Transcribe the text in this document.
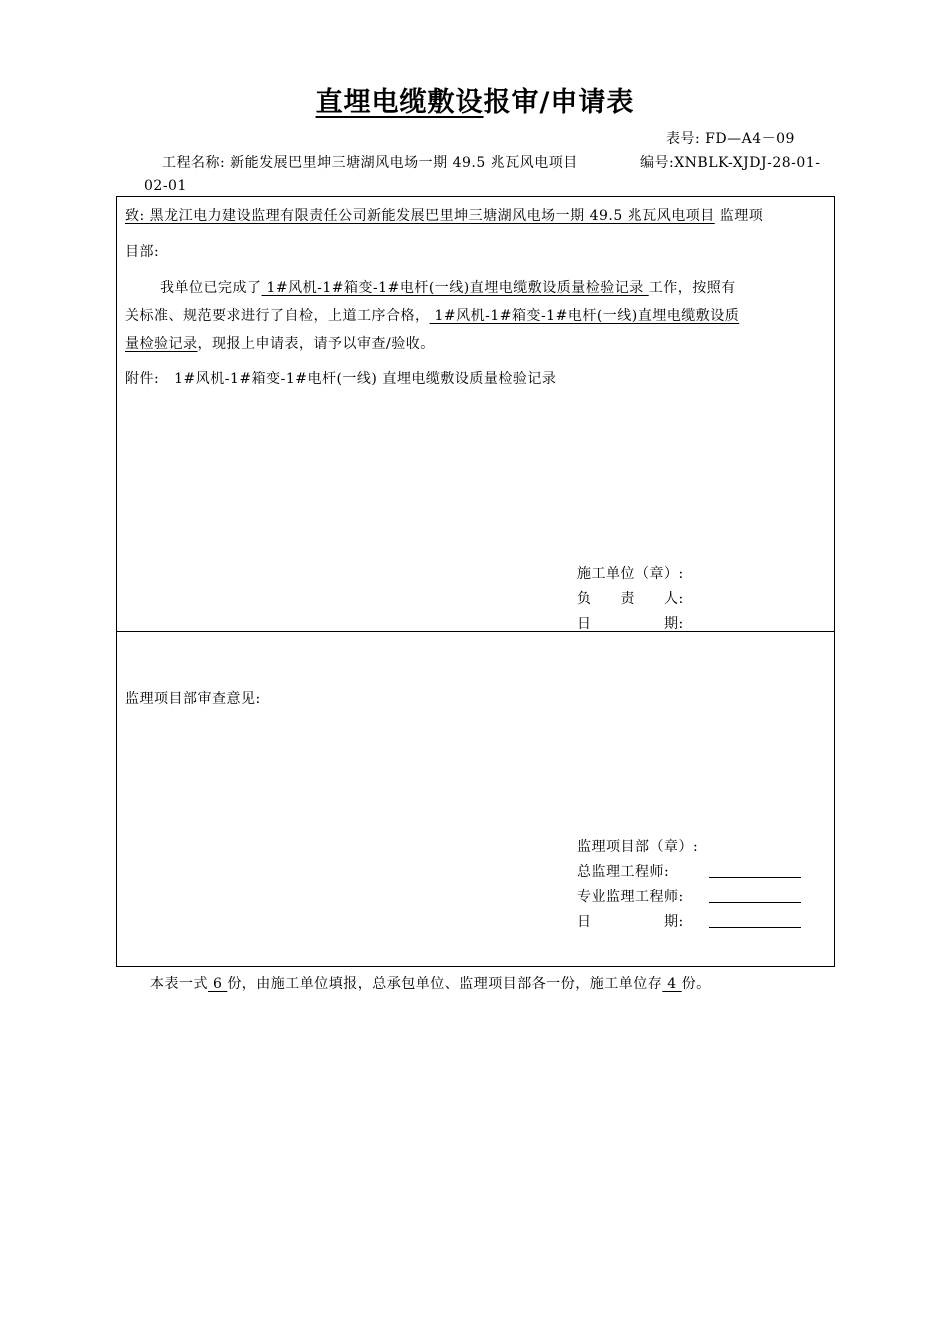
直埋电缆敷设报审/申请表
表号: FD—A4－09
工程名称: 新能发展巴里坤三塘湖风电场一期 49.5 兆瓦风电项目	编号:XNBLK-XJDJ-28-01-
02-01
致: 黑龙江电力建设监理有限责任公司新能发展巴里坤三塘湖风电场一期 49.5 兆瓦风电项目 监理项
目部:
我单位已完成了 1#风机-1#箱变-1#电杆(一线)直埋电缆敷设质量检验记录 工作，按照有
关标准、规范要求进行了自检，上道工序合格， 1#风机-1#箱变-1#电杆(一线)直埋电缆敷设质
量检验记录，现报上申请表，请予以审查/验收。
附件: 1#风机-1#箱变-1#电杆(一线) 直埋电缆敷设质量检验记录
施工单位（章）:
负　　责　　人:
日　　　　　期:
监理项目部审查意见:
监理项目部（章）:
总监理工程师:
专业监理工程师:
日　　　　　期:
本表一式 6 份，由施工单位填报，总承包单位、监理项目部各一份，施工单位存 4 份。
